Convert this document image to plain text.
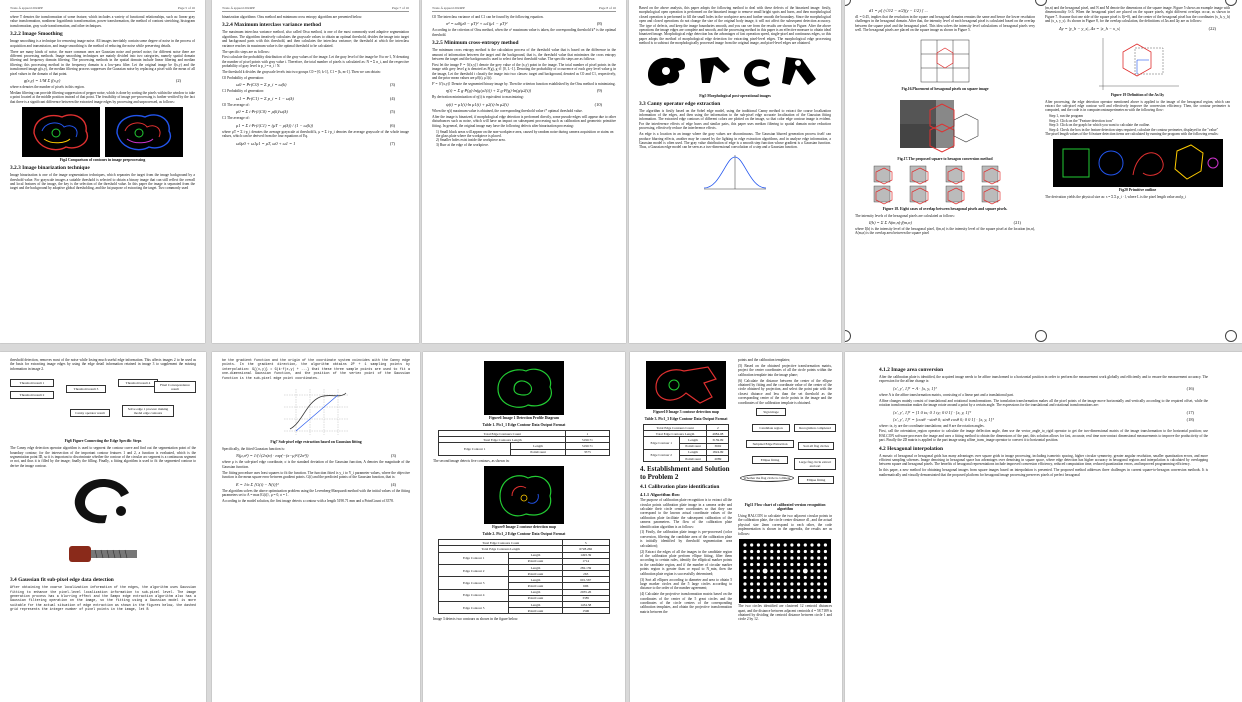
Trans Á appuzd 2024PP	Page 5 of 16

where T denotes the transformation of some feature, which includes a variety of functional relationships, such as: linear gray value transformation, nonlinear logarithmic transformation, power transformation, the method of contrast stretching, histogram transformation, gray scale transformation, and other techniques.

3.2.2 Image Smoothing

Image smoothing is a technique for removing image noise. All images inevitably contain some degree of noise in the process of acquisition and transmission, and image smoothing is the method of reducing the noise while preserving details.

There are many kinds of noise, the more common ones are Gaussian noise and pretzel noise; for different noise there are different processing methods. Image smoothing techniques are mainly divided into two categories, namely spatial domain filtering and frequency domain filtering. The processing methods in the spatial domain include linear filtering and median filtering; this processing method in the frequency domain is a low-pass filter. Let the original image be f(x,y) and the transformed image g(x,y), the median filtering process suppresses the Gaussian noise by replacing a pixel with the mean of all pixel values in the domain of that point.

g(x,y) = 1/M Σ f(x,y)	(2)

where n denotes the number of pixels in this region.

Median filtering can provide filtering suppression of pepper noise, which is done by sorting the pixels within the window to take a point located at the middle position instead of that point. The feasibility of image pre-processing is further verified by the fact that there is a significant difference between the extracted image edges by processing and unprocessed, as follows:

Fig4 Comparison of contours in image preprocessing
3.2.3 Image binarization technique

Image binarization is one of the image segmentation techniques, which separates the target from the image background by a threshold value. For grayscale images a suitable threshold is selected to obtain a binary image that can still reflect the overall and local features of the image, the key is the selection of the threshold value. In this paper the image is separated from the target and the background by adaptive global thresholding, and the fat purpose of extracting the target. Two commonly used

Trans Á appuzd 2024PP	Page 7 of 16

binarization algorithms: Otsu method and minimum cross entropy algorithm are presented below.

3.2.4 Maximum interclass variance method

The maximum interclass variance method, also called Otsu method, is one of the most commonly used adaptive segmentation algorithms. The algorithm iteratively calculates the grayscale values to obtain an optimal threshold, divides the image into target and background parts with this threshold, and then calculates the interclass variance; the threshold at which the interclass variance reaches its maximum value is the optimal threshold to be calculated.

The specific steps are as follows:

First calculate the probability distribution of the gray values of the image. Let the gray level of the image be 0 to m-1, N denoting the number of pixel points with gray value i. Therefore, the total number of pixels is calculated as: N = Σ n_i, and the respective probability of gray level is p_i = n_i / N.

The threshold k divides the grayscale levels into two groups C0 = [0, k-1], C1 = [k, m-1]. Then we can obtain:

C0 Probability of generation:

ω0 = Pr(C0) = Σ p_i = ω(k)	(3)

C1 Probability of generation:

ω1 = Pr(C1) = Σ p_i = 1 − ω(k)	(4)

C0 The average of:

μ0 = Σ i·Pr(i|C0) = μ(k)/ω(k)	(5)

C1 The average of:

μ1 = Σ i·Pr(i|C1) = (μT − μ(k)) / (1 − ω(k))	(6)

where μT = Σ i·p_i denotes the average grayscale at threshold k, μ = Σ i·p_i denotes the average grayscale of the whole image values, which can be derived from the four equations of Eq.

ω0μ0 + ω1μ1 = μT, ω0 + ω1 = 1	(7)
Trans Á appuzd 2024PP	Page 8 of 16

C0 The interclass variance of and C1 can be found by the following equation.

σ² = ω0(μ0 − μT)² + ω1(μ1 − μT)²	(8)

According to the criterion of Otsu method, when the σ² maximum value is taken, the corresponding threshold k* is the optimal threshold.

3.2.5 Minimum cross-entropy method

The minimum cross entropy method is the calculation process of the threshold value that is based on the difference in the amount of information between the target and the background, that is, the threshold value that minimizes the cross entropy between the target and the background is used to select the best threshold value. The specific steps are as follows:

First let the image F = {f(x,y)} denote the grey value of the (x,y) point in the image. The total number of pixel points in the image with grey level g is denoted as P(g), g ∈ [0, L−1]. Denoting the probability of occurrence of each grey level value g in the image, Let the threshold t classify the image into two classes: target and background, denoted as C0 and C1, respectively, and the prior mean values are μ0(t), μ1(t).

F' = {f'(x,y)} Denote the segmented binary image by. Then the criterion function established by the Otsu method is minimizing.

η(t) = Σ g·P(g)·ln(g/μ1(t)) + Σ g·P(g)·ln(g/μ2(t))	(9)

By derivation minimization of η(t) is equivalent to maximizing:

ψ(t) = μ1(t)·ln μ1(t) + μ2(t)·ln μ2(t)	(10)

When the η(t) maximum value is obtained, the corresponding threshold value t* optimal threshold value.

After the image is binarized, if morphological edge detection is performed directly, some pseudo-edges will appear due to other disturbances such as noise, which will have an impact on subsequent processing such as calibration and geometric primitive fitting. In general, the original image may have the following defects after binarization processing:

1) Small black areas will appear on the non-workpiece area, caused by random noise during camera acquisition or stains on the glass plate where the workpiece is placed.
2) Smaller holes exist inside the workpiece area.
3) Burr at the edge of the workpiece.

Based on the above analysis, this paper adopts the following method to deal with these defects of the binarized image: firstly, morphological open operation is performed on the binarized image to remove small bright spots and burrs, and then morphological closed operation is performed to fill the small holes in the workpiece area and further smooth the boundary. Since the morphological open and closed operations do not change the size of the original body image, it will not affect the subsequent detection accuracy. The type of defects, and keep the image boundaries smooth, and you can see from the results are shown in Figure. After the above operations the image edges are complete and smooth, and the processing method in this paper is an effective measure to obtain ideal binarized image. Morphological edge detection has the advantages of fast operation speed, single-pixel and continuous edges, so this paper adopts the method of morphological edge detection for extracting pixel-level edges. The morphological edge processing method is to subtract the morphologically processed image from the original image, and pixel-level edges are obtained.

Fig5 Morphological post-operational images
3.3 Canny operator edge extraction

The algorithm is firstly based on the Sobel edge model, using the traditional Canny method to extract the coarse localization information of the edges, and then using the information to the sub-pixel edge accurate localization of the Gaussian fitting information. The extracted edge contours of different colors are plotted on the image, so that color edge contour image is evident. For the interference effects of edge burrs and similar pairs, this paper uses median filtering to spatial domain noise reduction processing, effectively reduce the interference effects.

An edge is a location in an image where the gray values are discontinuous. The Gaussian blurred generation process itself can produce blurring effects, another may be caused by the lighting in edge extraction algorithms, and in analyze edge information, a Gaussian model is often used. The gray value distribution of edge is a smooth step function whose gradient is a Gaussian function. Thus, a Gaussian edge model can be seen as a two-dimensional convolution of a step and a Gaussian function.

d1 = μ[ (√3/2 − x/2)(y − 1/2) ] ...

d1 = 0.45, implies that the resolution in the square and hexagonal domains remains the same and hence the lower resolution challenges in the hexagonal domain. After that, the intensity level of each hexagonal pixel is calculated based on the overlap between the square pixel and the hexagonal pixel. This idea solves the intensity level calculations of hexagonal pixels very well. The hexagonal pixels are placed on the square image as shown in Figure 5.

Fig.16.Placement of hexagonal pixels on square image
Fig.17.The proposed square to hexagon conversion method
Figure 18. Eight cases of overlap between hexagonal pixels and square pixels.

The intensity levels of the hexagonal pixels are calculated as follows:

I(h) = Σ Σ A(m,n)·f(m,n)	(21)

where I(h) is the intensity level of the hexagonal pixel, f(m,n) is the intensity level of the square pixel at the location (m,n), A(m,n) is the overlap area between the square pixel

(m,n) and the hexagonal pixel, and N and M denote the dimensions of the square image. Figure 5 shows an example image with dimensionality 3×3. When the hexagonal pixel are placed on the square pixels, eight different overlaps occur, as shown in Figure 7. Assume that one side of the square pixel is I(i=0), and the center of the hexagonal pixel has the coordinates (x_h, y_h) and (x_s, y_s). As shown in Figure 8, for the overlap calculation, the definitions of Δx and Δy are as follows:

Δy = |y_h − y_s|, Δx = |x_h − x_s|	(22)
Figure 19 Definition of the Δx/Δy

After processing, the edge detection operator mentioned above is applied to the image of the hexagonal region, which can extract the sub-pixel edge contour well and effectively improve the conversion efficiency. Then, the contour perimeter is computed, and the code is in computecontourperimeter.m with the following flow:

Step 1, run the program
Step 2: Click on the "Feature detection icon"
Step 3: Click on the graph for which you want to calculate the outline.
Step 4: Check the box in the feature detection steps required, calculate the contour perimeter, displayed in the "value"

The pixel length values of the 6 feature detection items are calculated by running the program with the following results:

Fig20 Primitive outline

The derivation yields the physical size as: s = Σ Σ p_i · l, where L is the pixel length value and p_i

threshold detection, removes most of the noise while losing much useful edge information. This affects images 2 to be used as the basis for extracting image edges by using the edge detail information retained in image 3 to supplement the missing information in image 2.

Threshold result 1
Threshold result 2
Threshold result 3
Threshold result 4	Final Correspondence result
Canny operator result
Solve edge 1 process: making model edge contours
Fig6 Figure Connecting the Edge Specific Steps

The Canny edge detection operator algorithm is used to segment the contour curve and find out the segmentation point of the boundary contour; for the intersection of the important contour features 1 and 2, a function is evaluated, which is the segmentation point ID, so it is important to discriminate whether the contour of the circular arc segment is a continuous segment or not, and thus it is filled by the image; finally the filling. Finally, a fitting algorithm is used to fit the segmented contour to derive the image contour.

3.4 Gaussian fit sub-pixel edge data detection

After obtaining the coarse localization information of the edges, the algorithm uses Gaussian fitting to enhance the pixel-level localization information to sub-pixel level. The image generation process has a blurring effect and the Sampo edge extraction algorithm also has a Gaussian filtering operation on the image, so the fitting using a Gaussian model is more suitable for the actual situation of edge extraction as shown in the figures below, the dashed grid represents the integer number of pixel points in the image, let B

be the gradient function and the origin of the coordinate system coincides with the Canny edge points. In the gradient direction, the algorithm obtains 2P + 1 sampling points by interpolation: G{(x,y)} = G(k·f(x,y) + ...} that these three sample points are used to fit a one-dimensional Gaussian function, and the position of the vertex point of the Gaussian function is the sub-pixel edge point coordinates.

Fig7 Sub-pixel edge extraction based on Gaussian fitting

Specifically, the fitted Gaussian function is:

N(μ,σ²) = 1/(√(2π)σ) · exp(−(x−μ)²/(2σ²))	(3)

where μ is the sub-pixel edge coordinate, σ is the standard deviation of the Gaussian function, A denotes the magnitude of the Gaussian function.

The fitting procedure uses least squares to fit the function. The function fitted is y_i to Y_i parameter values, where the objective function is the mean square error between gradient points. G(i) and the predicted points of the Gaussian function, that is:

E = 1/n Σ [G(i) − N(i)]²	(4)

The algorithm solves the above optimization problem using the Levenberg-Marquardt method with the initial values of the fitting parameters set to A = max{G(i)}, μ = 0, σ = 1.

According to the model solution, the first image detects a contour with a length 5190.71 mm and a PointCount of 3578.

Figure6 Image 1 Detection Profile Diagram
Table 1. Pic1_1 Edge Contour Data Output Format
Total Edge Contours Count		1
Total Edge Contours Length		5190.71
Edge Contour 1	Length	5190.71
	PointCount	3575

The second image detects five contours, as shown in:

Figure9 Image 2 contour detection map
Table 2. Pic1_2 Edge Contour Data Output Format
Total Edge Contours Count		5
Total Edge Contours Length		6728.266
Edge Contour 1	Length	1493.39
	PointCount	1714
Edge Contour 2	Length	282.159
	PointCount	263
Edge Contour 3	Length	601.567
	PointCount	696
Edge Contour 4	Length	2935.26
	PointCount	3385
Edge Contour 5	Length	1434.58
	PointCount	1596

Image 3 detects two contours as shown in the figure below.

Figure10 Image 3 contour detection map
Table 3. Pic1_3 Edge Contour Data Output Format
Total Edge Contours Count		2
Total Edge Contours Length		4984.08
Edge Contour 1	Length	3159.09
	PointCount	3692
Edge Contour 2	Length	1824.99
	PointCount	2089
4. Establishment and Solution to Problem 2
4.1 Calibration plate identification
4.1.1 Algorithm flow

The purpose of calibration plate recognition is to extract all the circular points calibration plate image in a camera order and calculate their circle center coordinates so that they can correspond to the known actual coordinate values of the calibration plate facilitate the subsequent calibration of the camera parameters. The flow of the calibration plate identification algorithm is as follows:

(1) Firstly, the calibration plate image is pre-processed (color conversion, filtering the candidate area of the calibration plate is initially identified by threshold segmentation area calculation);

(2) Extract the edges of all the images in the candidate region of the calibration plate perform ellipse fitting, filter them according to certain rules, identify the elliptical marker points in the candidate region, and if the number of circular marker points region is greater than or equal to N_min, then the calibration plate region is successfully determined;

(3) Sort all ellipses according to diameter and area to obtain 5 large marker circles and the 5 large circles according to distance to the order of the number agreement;

(4) Calculate the projective transformation matrix based on the coordinates of the center of the 5 great circles and the coordinates of the circle centers of the corresponding calibration templates, and obtain the projective transformation matrix between the

points and the calibration templates;

(5) Based on the obtained projective transformation matrix, project the center coordinates of all the circle points within the calibration template into the image plane;

(6) Calculate the distance between the center of the ellipse obtained by fitting and the coordinate value of the center of the circle obtained by projection, and select the point pair with the closest distance and less than the set threshold as the corresponding center of the circle points in the image and the coordinates of the calibration template is obtained.

Sign image
Candidate region	Recognition completed
Subpixel Edge Extraction	Sort all flag circles
Ellipse fitting	Large flag circle extract and sort
Whether the flag circle is collinear	Ellipse fitting
Fig11 Flow chart of calibrated version recognition algorithm

Using HALCON to calculate the two adjacent circular points in the calibration plate, the circle center distance d1, and the actual physical size 2mm correspond to each other, the code implementation is shown in the appendix, the results are as follows:

The two circles identified are clustered 12 centroid distances apart, and the distance between adjacent centroids d = 58.7189 is obtained by dividing the centroid distance between circle 1 and circle 2 by 12.

4.1.2 Image area conversion

After the calibration plate is identified, the acquired image needs to be affine transformed to a horizontal position in order to perform the measurement work globally and efficiently and to ensure the measurement accuracy. The expression for the affine change is:

[x', y', 1]ᵀ = A · [x, y, 1]ᵀ	(16)

where A is the affine transformation matrix, consisting of a linear part and a translational part.

Affine changes mainly consist of translational and rotational transformations. The translation transformation makes all the pixel points of the image move horizontally and vertically according to the required offset, while the rotation transformation makes the image rotate around a point by a certain angle. The expressions for the translational and rotational transformations are:

[x', y', 1]ᵀ = [1 0 tx; 0 1 ty; 0 0 1] · [x, y, 1]ᵀ	(17)
[x', y', 1]ᵀ = [cosθ −sinθ 0; sinθ cosθ 0; 0 0 1] · [x, y, 1]ᵀ	(18)

where: tx, ty are the coordinate translations; and θ are the rotation angles.

First, call the orientation_region operator to calculate the image deflection angle, then use the vector_angle_to_rigid operator to get the two-dimensional matrix of the image transformation to the horizontal position; use HALCON software processes the image and uses a fitting method to obtain the dimensions of the part, this solution allows for fast, accurate, real time non-contact dimensional measurements to improve the productivity of the part. Finally the 2D matrix is applied to the part image using affine_trans_image operator to convert it to horizontal position.

4.2 Hexagonal interpolation

A mosaic of hexagonal or hexagonal grids has many advantages over square grids in image processing, including isometric spacing, higher circular symmetry, greater angular resolution, smaller quantization errors, and more efficient sampling schemes. Image denoising in hexagonal space has advantages over denoising in square space, where edge detection has higher accuracy in hexagonal regions and interpolation is calculated by overlapping between square and hexagonal pixels. The benefits of hexagonal representations include improved conversion efficiency, reduced computation time, reduced quantization errors, and improved programming efficiency.

In this paper, a new method for obtaining hexagonal images from square images based on interpolation is presented. The proposed method addresses three challenges in current square-to-hexagon conversion methods. It is mathematically and visually demonstrated that the proposed platform for hexagonal image processing preserves pixels of perfect hexagonal
